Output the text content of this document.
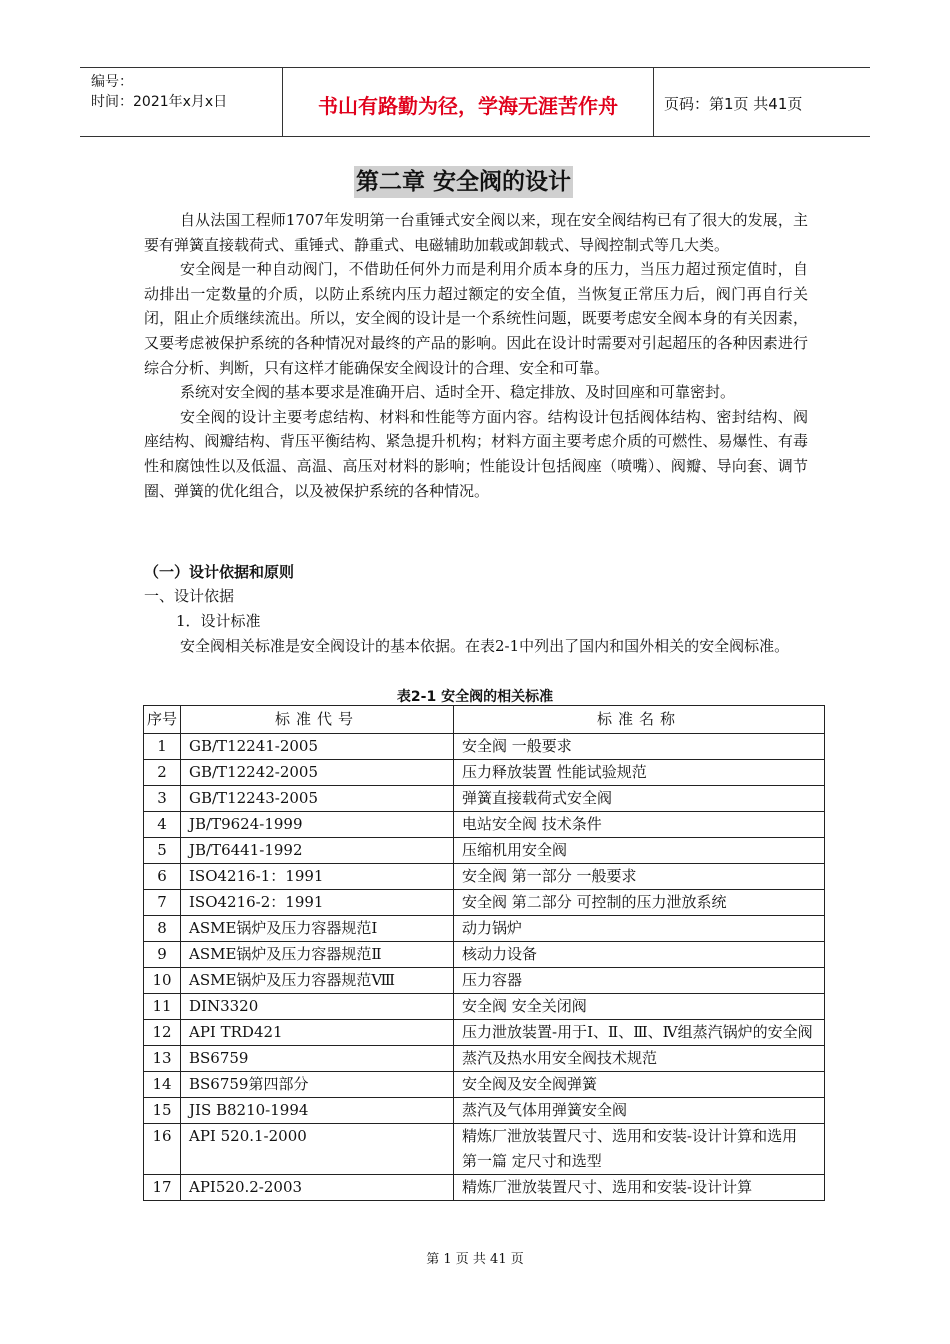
编号：
时间：2021年x月x日	书山有路勤为径，学海无涯苦作舟	页码：第1页 共41页
第二章 安全阀的设计

自从法国工程师1707年发明第一台重锤式安全阀以来，现在安全阀结构已有了很大的发展，主要有弹簧直接载荷式、重锤式、静重式、电磁辅助加载或卸载式、导阀控制式等几大类。

安全阀是一种自动阀门，不借助任何外力而是利用介质本身的压力，当压力超过预定值时，自动排出一定数量的介质，以防止系统内压力超过额定的安全值，当恢复正常压力后，阀门再自行关闭，阻止介质继续流出。所以，安全阀的设计是一个系统性问题，既要考虑安全阀本身的有关因素，又要考虑被保护系统的各种情况对最终的产品的影响。因此在设计时需要对引起超压的各种因素进行综合分析、判断，只有这样才能确保安全阀设计的合理、安全和可靠。

系统对安全阀的基本要求是准确开启、适时全开、稳定排放、及时回座和可靠密封。

安全阀的设计主要考虑结构、材料和性能等方面内容。结构设计包括阀体结构、密封结构、阀座结构、阀瓣结构、背压平衡结构、紧急提升机构；材料方面主要考虑介质的可燃性、易爆性、有毒性和腐蚀性以及低温、高温、高压对材料的影响；性能设计包括阀座（喷嘴）、阀瓣、导向套、调节圈、弹簧的优化组合，以及被保护系统的各种情况。

（一）设计依据和原则
一、设计依据
1．设计标准

安全阀相关标准是安全阀设计的基本依据。在表2-1中列出了国内和国外相关的安全阀标准。

表2-1 安全阀的相关标准
序号	标准代号	标准名称
1	GB/T12241-2005	安全阀 一般要求
2	GB/T12242-2005	压力释放装置 性能试验规范
3	GB/T12243-2005	弹簧直接载荷式安全阀
4	JB/T9624-1999	电站安全阀 技术条件
5	JB/T6441-1992	压缩机用安全阀
6	ISO4216-1：1991	安全阀 第一部分 一般要求
7	ISO4216-2：1991	安全阀 第二部分 可控制的压力泄放系统
8	ASME锅炉及压力容器规范Ⅰ	动力锅炉
9	ASME锅炉及压力容器规范Ⅱ	核动力设备
10	ASME锅炉及压力容器规范Ⅷ	压力容器
11	DIN3320	安全阀 安全关闭阀
12	API TRD421	压力泄放装置-用于Ⅰ、Ⅱ、Ⅲ、Ⅳ组蒸汽锅炉的安全阀
13	BS6759	蒸汽及热水用安全阀技术规范
14	BS6759第四部分	安全阀及安全阀弹簧
15	JIS B8210-1994	蒸汽及气体用弹簧安全阀
16	API 520.1-2000	精炼厂泄放装置尺寸、选用和安装-设计计算和选用 第一篇 定尺寸和选型
17	API520.2-2003	精炼厂泄放装置尺寸、选用和安装-设计计算
第 1 页 共 41 页
